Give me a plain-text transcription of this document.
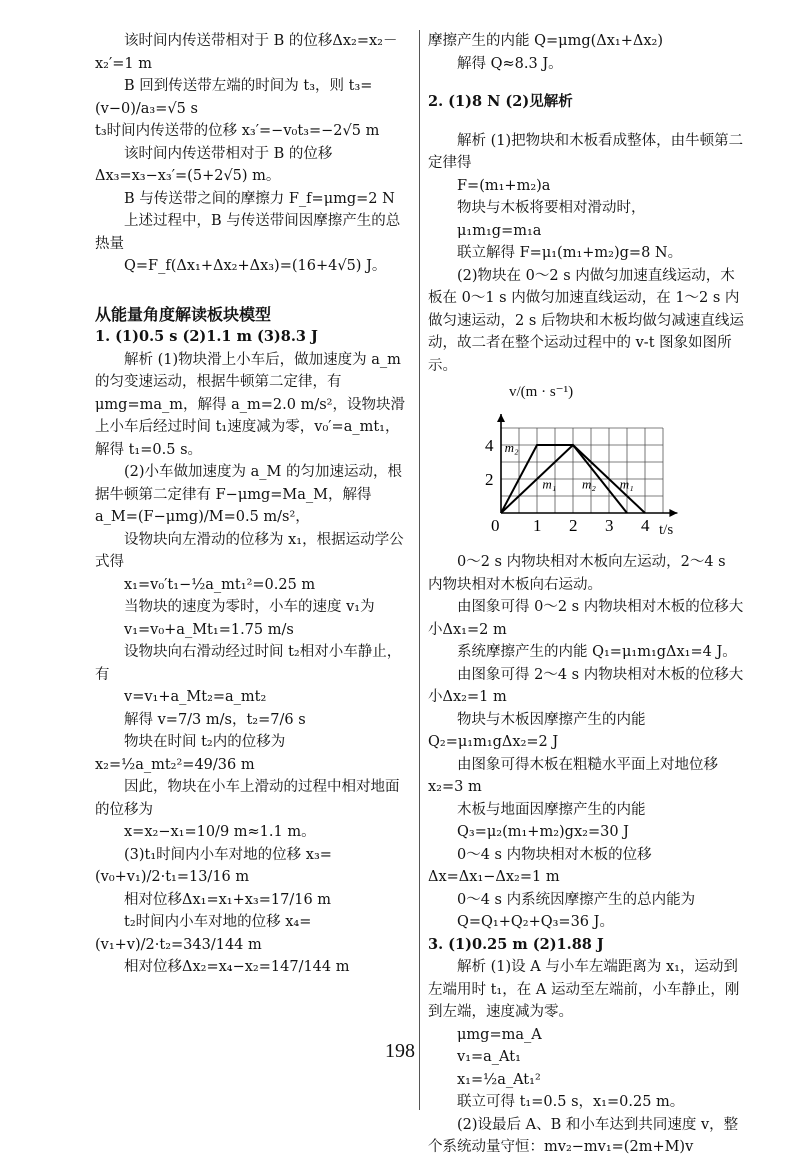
该时间内传送带相对于 B 的位移Δx₂=x₂－x₂′=1 m

B 回到传送带左端的时间为 t₃，则 t₃=(v−0)/a₃=√5 s

t₃时间内传送带的位移 x₃′=−v₀t₃=−2√5 m

该时间内传送带相对于 B 的位移

Δx₃=x₃−x₃′=(5+2√5) m。

B 与传送带之间的摩擦力 F_f=μmg=2 N

上述过程中，B 与传送带间因摩擦产生的总热量

Q=F_f(Δx₁+Δx₂+Δx₃)=(16+4√5) J。

从能量角度解读板块模型

1. (1)0.5 s (2)1.1 m (3)8.3 J

解析 (1)物块滑上小车后，做加速度为 a_m 的匀变速运动，根据牛顿第二定律，有μmg=ma_m，解得 a_m=2.0 m/s²，设物块滑上小车后经过时间 t₁速度减为零，v₀′=a_mt₁，解得 t₁=0.5 s。

(2)小车做加速度为 a_M 的匀加速运动，根据牛顿第二定律有 F−μmg=Ma_M，解得 a_M=(F−μmg)/M=0.5 m/s²，

设物块向左滑动的位移为 x₁，根据运动学公式得

x₁=v₀′t₁−½a_mt₁²=0.25 m

当物块的速度为零时，小车的速度 v₁为

v₁=v₀+a_Mt₁=1.75 m/s

设物块向右滑动经过时间 t₂相对小车静止，有

v=v₁+a_Mt₂=a_mt₂

解得 v=7/3 m/s，t₂=7/6 s

物块在时间 t₂内的位移为 x₂=½a_mt₂²=49/36 m

因此，物块在小车上滑动的过程中相对地面的位移为

x=x₂−x₁=10/9 m≈1.1 m。

(3)t₁时间内小车对地的位移 x₃=(v₀+v₁)/2·t₁=13/16 m

相对位移Δx₁=x₁+x₃=17/16 m

t₂时间内小车对地的位移 x₄=(v₁+v)/2·t₂=343/144 m

相对位移Δx₂=x₄−x₂=147/144 m

摩擦产生的内能 Q=μmg(Δx₁+Δx₂)

解得 Q≈8.3 J。

2. (1)8 N (2)见解析

解析 (1)把物块和木板看成整体，由牛顿第二定律得

F=(m₁+m₂)a

物块与木板将要相对滑动时，

μ₁m₁g=m₁a

联立解得 F=μ₁(m₁+m₂)g=8 N。

(2)物块在 0～2 s 内做匀加速直线运动，木板在 0～1 s 内做匀加速直线运动，在 1～2 s 内做匀速运动，2 s 后物块和木板均做匀减速直线运动，故二者在整个运动过程中的 v-t 图象如图所示。

0 1 2 3 4
2
4 m₂
m₁ m₂ m₁
v/(m · s⁻¹)
t/s

0～2 s 内物块相对木板向左运动，2～4 s 内物块相对木板向右运动。

由图象可得 0～2 s 内物块相对木板的位移大小Δx₁=2 m

系统摩擦产生的内能 Q₁=μ₁m₁gΔx₁=4 J。

由图象可得 2～4 s 内物块相对木板的位移大小Δx₂=1 m

物块与木板因摩擦产生的内能 Q₂=μ₁m₁gΔx₂=2 J

由图象可得木板在粗糙水平面上对地位移 x₂=3 m

木板与地面因摩擦产生的内能

Q₃=μ₂(m₁+m₂)gx₂=30 J

0～4 s 内物块相对木板的位移Δx=Δx₁−Δx₂=1 m

0～4 s 内系统因摩擦产生的总内能为

Q=Q₁+Q₂+Q₃=36 J。

3. (1)0.25 m (2)1.88 J

解析 (1)设 A 与小车左端距离为 x₁，运动到左端用时 t₁，在 A 运动至左端前，小车静止，刚到左端，速度减为零。

μmg=ma_A

v₁=a_At₁

x₁=½a_At₁²

联立可得 t₁=0.5 s，x₁=0.25 m。

(2)设最后 A、B 和小车达到共同速度 v，整个系统动量守恒：mv₂−mv₁=(2m+M)v

198
